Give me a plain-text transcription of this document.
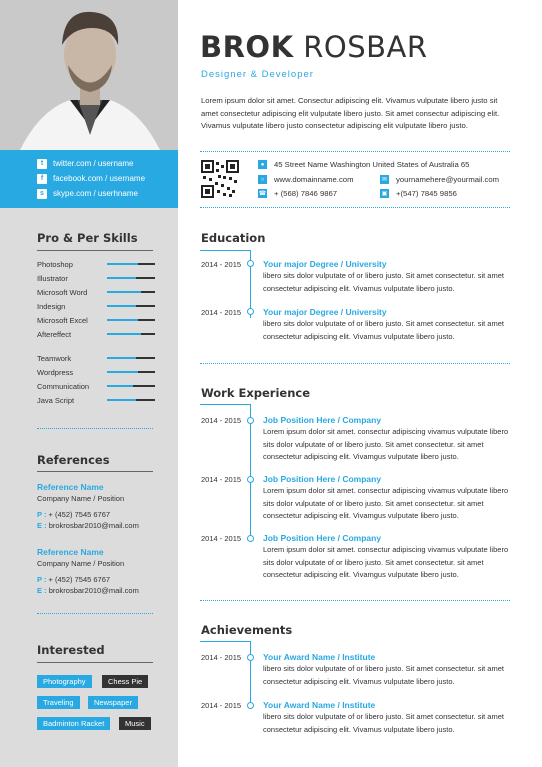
t	twitter.com / username
f	facebook.com / username
s	skype.com / userhname
Pro & Per Skills
Photoshop
Illustrator
Microsoft Word
Indesign
Microsoft Excel
Aftereffect
Teamwork
Wordpress
Communication
Java Script
References
Reference Name
Company Name / Position
P : + (452) 7545 6767
E : brokrosbar2010@mail.com
Reference Name
Company Name / Position
P : + (452) 7545 6767
E : brokrosbar2010@mail.com
Interested
Photography	Chess Pie
Traveling	Newspaper
Badminton Racket	Music
BROK ROSBAR
Designer & Developer
Lorem ipsum dolor sit amet. Consectur adipiscing elit. Vivamus vulputate libero justo sit amet consectetur adipiscing elit vulputate libero justo. Sit amet consectur adipiscing elit. Vivamus vulputate libero justo consectetur adipiscing elit vulputate libero justo.
●	45 Street Name Washington United States of Australia 65
○	www.domainname.com	✉ yournamehere@yourmail.com
☎ + (568) 7846 9867	▣ +(547) 7845 9856
Education
2014 - 2015	Your major Degree / University
libero sits dolor vulputate of or libero justo. Sit amet consectetur. sit amet consectetur adipiscing elit. Vivamus vulputate libero justo.
2014 - 2015	Your major Degree / University
libero sits dolor vulputate of or libero justo. Sit amet consectetur. sit amet consectetur adipiscing elit. Vivamus vulputate libero justo.
Work Experience
2014 - 2015	Job Position Here / Company
Lorem ipsum dolor sit amet. consectur adipiscing vivamus vulputate libero sits dolor vulputate of or libero justo. Sit amet consectetur. sit amet consectetur adipiscing elit. Vivamgus vulputate libero justo.
2014 - 2015	Job Position Here / Company
Lorem ipsum dolor sit amet. consectur adipiscing vivamus vulputate libero sits dolor vulputate of or libero justo. Sit amet consectetur. sit amet consectetur adipiscing elit. Vivamgus vulputate libero justo.
2014 - 2015	Job Position Here / Company
Lorem ipsum dolor sit amet. consectur adipiscing vivamus vulputate libero sits dolor vulputate of or libero justo. Sit amet consectetur. sit amet consectetur adipiscing elit. Vivamgus vulputate libero justo.
Achievements
2014 - 2015	Your Award Name / Institute
libero sits dolor vulputate of or libero justo. Sit amet consectetur. sit amet consectetur adipiscing elit. Vivamus vulputate libero justo.
2014 - 2015	Your Award Name / Institute
libero sits dolor vulputate of or libero justo. Sit amet consectetur. sit amet consectetur adipiscing elit. Vivamus vulputate libero justo.
